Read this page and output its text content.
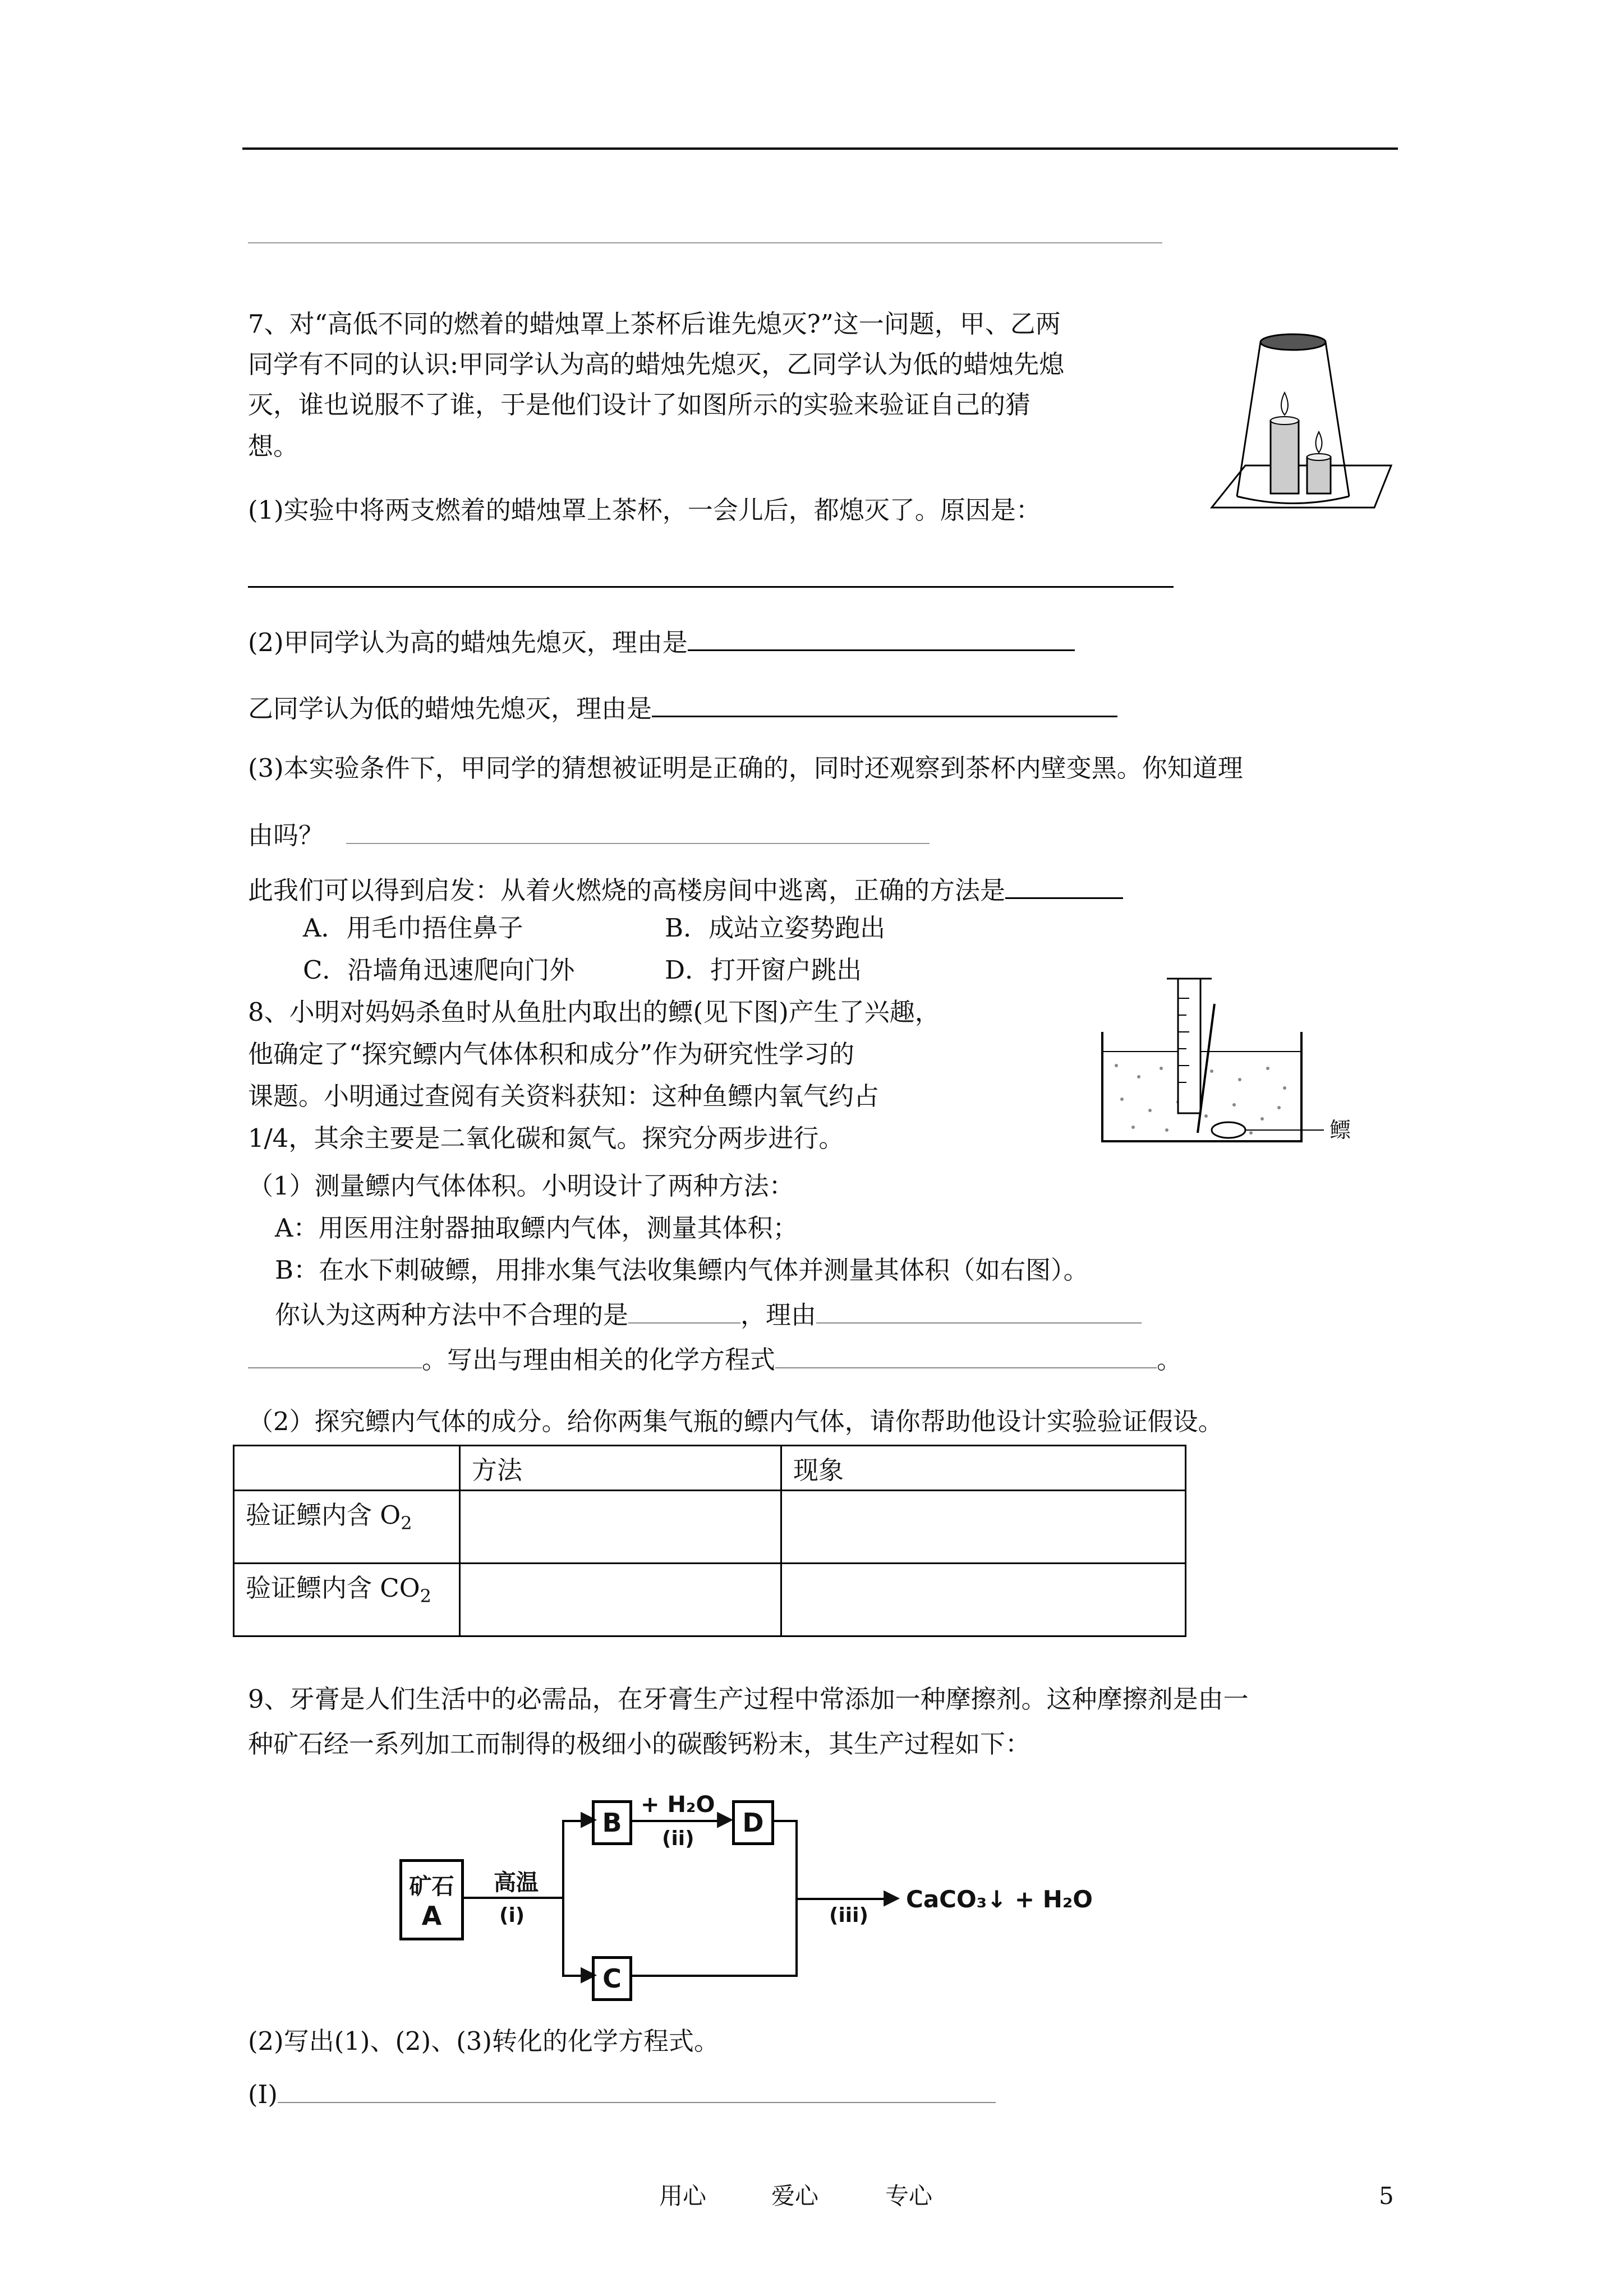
7、对“高低不同的燃着的蜡烛罩上茶杯后谁先熄灭?”这一问题，甲、乙两
同学有不同的认识:甲同学认为高的蜡烛先熄灭，乙同学认为低的蜡烛先熄
灭，谁也说服不了谁，于是他们设计了如图所示的实验来验证自己的猜
想。
(1)实验中将两支燃着的蜡烛罩上茶杯，一会儿后，都熄灭了。原因是：
(2)甲同学认为高的蜡烛先熄灭，理由是
乙同学认为低的蜡烛先熄灭，理由是
(3)本实验条件下，甲同学的猜想被证明是正确的，同时还观察到茶杯内壁变黑。你知道理
由吗？
此我们可以得到启发：从着火燃烧的高楼房间中逃离，正确的方法是
A．用毛巾捂住鼻子	B．成站立姿势跑出
C．沿墙角迅速爬向门外	D．打开窗户跳出
8、小明对妈妈杀鱼时从鱼肚内取出的鳔(见下图)产生了兴趣，
他确定了“探究鳔内气体体积和成分”作为研究性学习的
课题。小明通过查阅有关资料获知：这种鱼鳔内氧气约占
1/4，其余主要是二氧化碳和氮气。探究分两步进行。	鳔
（1）测量鳔内气体体积。小明设计了两种方法：
A：用医用注射器抽取鳔内气体，测量其体积；
B：在水下刺破鳔，用排水集气法收集鳔内气体并测量其体积（如右图）。
你认为这两种方法中不合理的是	，理由
。写出与理由相关的化学方程式	。
（2）探究鳔内气体的成分。给你两集气瓶的鳔内气体，请你帮助他设计实验验证假设。
	方法	现象
验证鳔内含 $O_2$		
验证鳔内含 $CO_2$		
9、牙膏是人们生活中的必需品，在牙膏生产过程中常添加一种摩擦剂。这种摩擦剂是由一
种矿石经一系列加工而制得的极细小的碳酸钙粉末，其生产过程如下：
矿石
A
高温
(i)
▶
▶
B
+ H₂O
▶
(ii)
D
C
▶
(iii)
CaCO₃↓ + H₂O
(2)写出(1)、(2)、(3)转化的化学方程式。
(Ⅰ)
用心	爱心	专心	5
